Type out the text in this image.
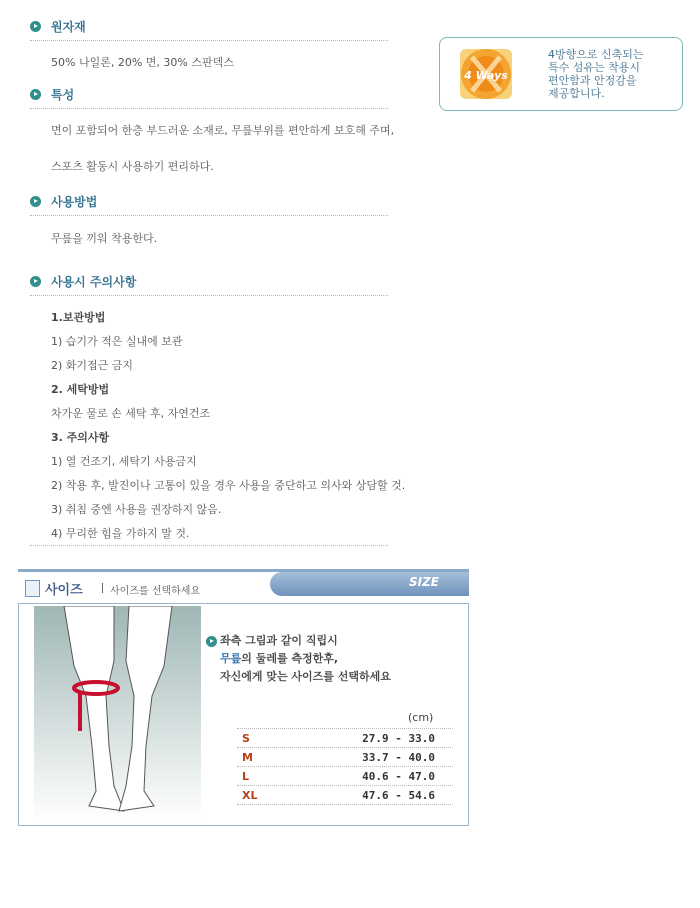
원자재
50% 나일론, 20% 면, 30% 스판덱스
특성
면이 포함되어 한층 부드러운 소재로, 무릎부위를 편안하게 보호해 주며,
스포츠 활동시 사용하기 편리하다.
사용방법
무릎을 끼워 착용한다.
사용시 주의사항
1.보관방법
1) 습기가 적은 실내에 보관
2) 화기접근 금지
2. 세탁방법
차가운 물로 손 세탁 후, 자연건조
3. 주의사항
1) 열 건조기, 세탁기 사용금지
2) 착용 후, 발진이나 고통이 있을 경우 사용을 중단하고 의사와 상담할 것.
3) 취침 중엔 사용을 권장하지 않음.
4) 무리한 힘을 가하지 말 것.
4 Ways
4방향으로 신축되는
특수 섬유는 착용시
편안함과 안정감을
제공합니다.
사이즈	사이즈를 선택하세요
SIZE
좌측 그림과 같이 직립시
무릎의 둘레를 측정한후,
자신에게 맞는 사이즈를 선택하세요
(cm)
S	27.9 - 33.0
M	33.7 - 40.0
L	40.6 - 47.0
XL	47.6 - 54.6
